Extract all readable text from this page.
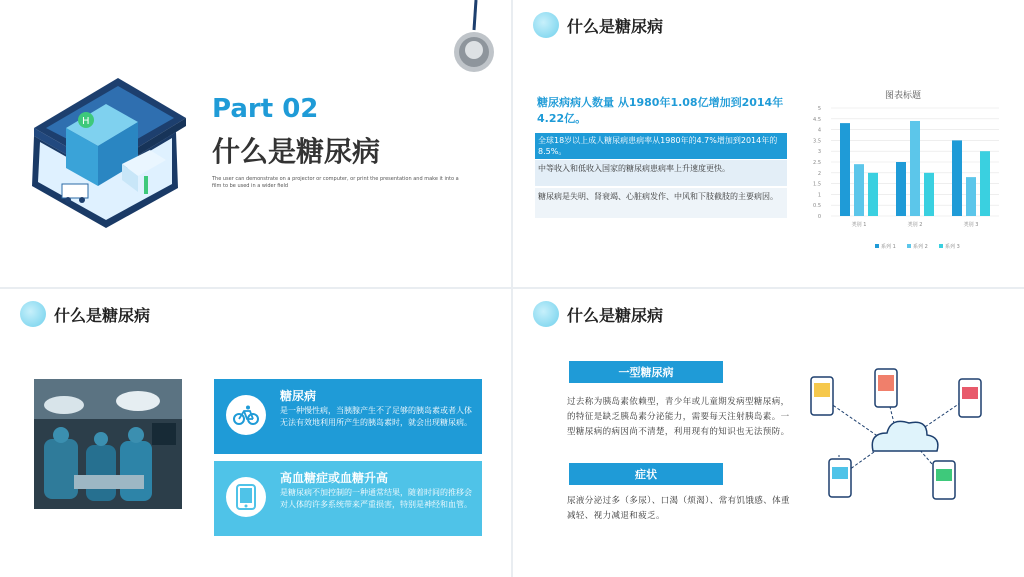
H	Part 02
什么是糖尿病
The user can demonstrate on a projector or computer, or print the presentation and make it into a film to be used in a wider field
什么是糖尿病
糖尿病病人数量 从1980年1.08亿增加到2014年4.22亿。
全球18岁以上成人糖尿病患病率从1980年的4.7%增加到2014年的8.5%。
中等收入和低收入国家的糖尿病患病率上升速度更快。
糖尿病是失明、肾衰竭、心脏病发作、中风和下肢截肢的主要病因。
图表标题
0
0.5
1
1.5
2
2.5
3
3.5
4
4.5
5
类别 1	类别 2	类别 3
系列 1	系列 2	系列 3
什么是糖尿病
糖尿病
是一种慢性病，当胰腺产生不了足够的胰岛素或者人体无法有效地利用所产生的胰岛素时，就会出现糖尿病。
高血糖症或血糖升高
是糖尿病不加控制的一种通常结果，随着时间的推移会对人体的许多系统带来严重损害，特别是神经和血管。
什么是糖尿病
一型糖尿病
过去称为胰岛素依赖型，青少年或儿童期发病型糖尿病，的特征是缺乏胰岛素分泌能力，需要每天注射胰岛素。一型糖尿病的病因尚不清楚，利用现有的知识也无法预防。
症状
尿液分泌过多（多尿）、口渴（烦渴）、常有饥饿感、体重减轻、视力减退和疲乏。
